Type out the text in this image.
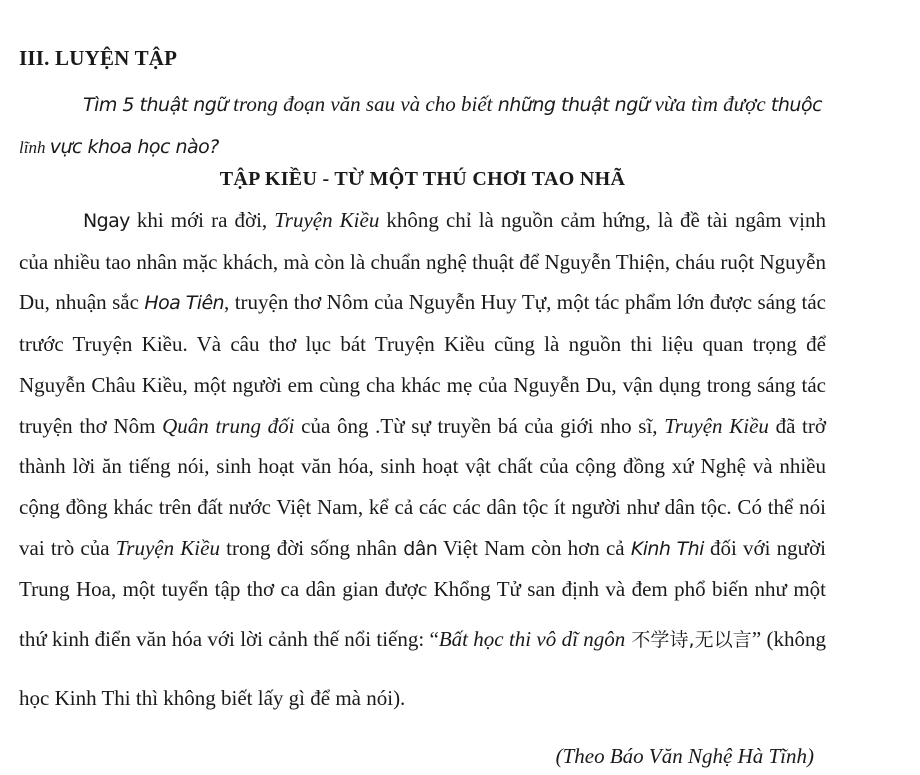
III. LUYỆN TẬP
Tìm 5 thuật ngữ trong đoạn văn sau và cho biết những thuật ngữ vừa tìm được thuộc lĩnh vực khoa học nào?
TẬP KIỀU - TỪ MỘT THÚ CHƠI TAO NHÃ
Ngay khi mới ra đời, Truyện Kiều không chỉ là nguồn cảm hứng, là đề tài ngâm vịnh của nhiều tao nhân mặc khách, mà còn là chuẩn nghệ thuật để Nguyễn Thiện, cháu ruột Nguyễn Du, nhuận sắc Hoa Tiên, truyện thơ Nôm của Nguyễn Huy Tự, một tác phẩm lớn được sáng tác trước Truyện Kiều. Và câu thơ lục bát Truyện Kiều cũng là nguồn thi liệu quan trọng để Nguyễn Châu Kiều, một người em cùng cha khác mẹ của Nguyễn Du, vận dụng trong sáng tác truyện thơ Nôm Quân trung đối của ông .Từ sự truyền bá của giới nho sĩ, Truyện Kiều đã trở thành lời ăn tiếng nói, sinh hoạt văn hóa, sinh hoạt vật chất của cộng đồng xứ Nghệ và nhiều cộng đồng khác trên đất nước Việt Nam, kể cả các các dân tộc ít người như dân tộc. Có thể nói vai trò của Truyện Kiều trong đời sống nhân dân Việt Nam còn hơn cả Kinh Thi đối với người Trung Hoa, một tuyển tập thơ ca dân gian được Khổng Tử san định và đem phổ biến như một thứ kinh điển văn hóa với lời cảnh thế nổi tiếng: “Bất học thi vô dĩ ngôn 不学诗,无以言” (không học Kinh Thi thì không biết lấy gì để mà nói).
(Theo Báo Văn Nghệ Hà Tĩnh)
